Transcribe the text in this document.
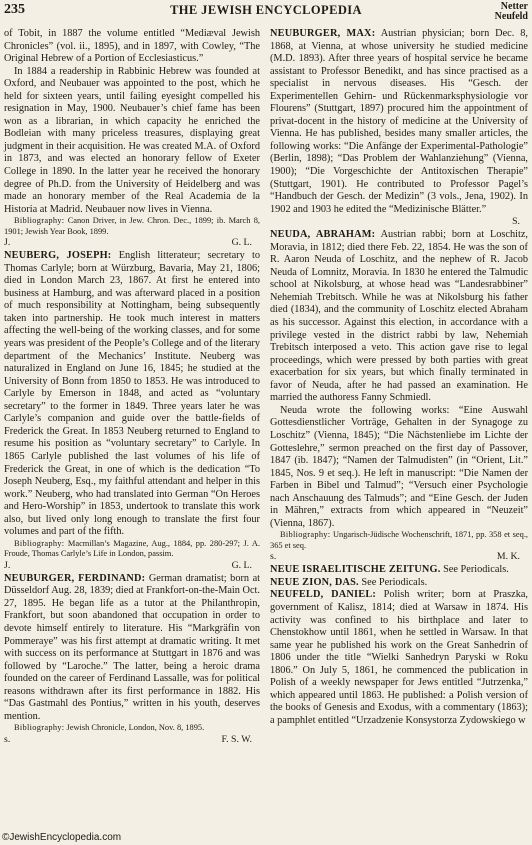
235	THE JEWISH ENCYCLOPEDIA	Netter
Neufeld

of Tobit, in 1887 the volume entitled “Mediæval Jewish Chronicles” (vol. ii., 1895), and in 1897, with Cowley, “The Original Hebrew of a Portion of Ecclesiasticus.”

In 1884 a readership in Rabbinic Hebrew was founded at Oxford, and Neubauer was appointed to the post, which he held for sixteen years, until failing eyesight compelled his resignation in May, 1900. Neubauer’s chief fame has been won as a librarian, in which capacity he enriched the Bodleian with many priceless treasures, displaying great judgment in their acquisition. He was created M.A. of Oxford in 1873, and was elected an honorary fellow of Exeter College in 1890. In the latter year he received the honorary degree of Ph.D. from the University of Heidelberg and was made an honorary member of the Real Academia de la Historia at Madrid. Neubauer now lives in Vienna.

Bibliography: Canon Driver, in Jew. Chron. Dec., 1899; ib. March 8, 1901; Jewish Year Book, 1899.

J.	G. L.

NEUBERG, JOSEPH: English litterateur; secretary to Thomas Carlyle; born at Würzburg, Bavaria, May 21, 1806; died in London March 23, 1867. At first he entered into business at Hamburg, and was afterward placed in a position of much responsibility at Nottingham, being subsequently taken into partnership. He took much interest in matters affecting the well-being of the working classes, and for some years was president of the People’s College and of the literary department of the Mechanics’ Institute. Neuberg was naturalized in England on June 16, 1845; he studied at the University of Bonn from 1850 to 1853. He was introduced to Carlyle by Emerson in 1848, and acted as “voluntary secretary” to the former in 1849. Three years later he was Carlyle’s companion and guide over the battle-fields of Frederick the Great. In 1853 Neuberg returned to England to resume his position as “voluntary secretary” to Carlyle. In 1865 Carlyle published the last volumes of his life of Frederick the Great, in one of which is the dedication “To Joseph Neuberg, Esq., my faithful attendant and helper in this work.” Neuberg, who had translated into German “On Heroes and Hero-Worship” in 1853, undertook to translate this work also, but lived only long enough to translate the first four volumes and part of the fifth.

Bibliography: Macmillan’s Magazine, Aug., 1884, pp. 280-297; J. A. Froude, Thomas Carlyle’s Life in London, passim.

J.	G. L.

NEUBURGER, FERDINAND: German dramatist; born at Düsseldorf Aug. 28, 1839; died at Frankfort-on-the-Main Oct. 27, 1895. He began life as a tutor at the Philanthropin, Frankfort, but soon abandoned that occupation in order to devote himself entirely to literature. His “Markgräfin von Pommeraye” was his first attempt at dramatic writing. It met with success on its performance at Stuttgart in 1876 and was followed by “Laroche.” The latter, being a heroic drama founded on the career of Ferdinand Lassalle, was for political reasons withdrawn after its first performance in 1882. His “Das Gastmahl des Pontius,” written in his youth, deserves mention.

Bibliography: Jewish Chronicle, London, Nov. 8, 1895.

s.	F. S. W.

NEUBURGER, MAX: Austrian physician; born Dec. 8, 1868, at Vienna, at whose university he studied medicine (M.D. 1893). After three years of hospital service he became assistant to Professor Benedikt, and has since practised as a specialist in nervous diseases. His “Gesch. der Experimentellen Gehirn- und Rückenmarksphysiologie vor Flourens” (Stuttgart, 1897) procured him the appointment of privat-docent in the history of medicine at the University of Vienna. He has published, besides many smaller articles, the following works: “Die Anfänge der Experimental-Pathologie” (Berlin, 1898); “Das Problem der Wahlanziehung” (Vienna, 1900); “Die Vorgeschichte der Antitoxischen Therapie” (Stuttgart, 1901). He contributed to Professor Pagel’s “Handbuch der Gesch. der Medizin” (3 vols., Jena, 1902). In 1902 and 1903 he edited the “Medizinische Blätter.”

S.

NEUDA, ABRAHAM: Austrian rabbi; born at Loschitz, Moravia, in 1812; died there Feb. 22, 1854. He was the son of R. Aaron Neuda of Loschitz, and the nephew of R. Jacob Neuda of Lomnitz, Moravia. In 1830 he entered the Talmudic school at Nikolsburg, at whose head was “Landesrabbiner” Nehemiah Trebitsch. While he was at Nikolsburg his father died (1834), and the community of Loschitz elected Abraham as his successor. Against this election, in accordance with a privilege vested in the district rabbi by law, Nehemiah Trebitsch interposed a veto. This action gave rise to legal proceedings, which were pressed by both parties with great exacerbation for six years, but which finally terminated in favor of Neuda, after he had passed an examination. He married the authoress Fanny Schmiedl.

Neuda wrote the following works: “Eine Auswahl Gottesdienstlicher Vorträge, Gehalten in der Synagoge zu Loschitz” (Vienna, 1845); “Die Nächstenliebe im Lichte der Gotteslehre,” sermon preached on the first day of Passover, 1847 (ib. 1847); “Namen der Talmudisten” (in “Orient, Lit.” 1845, Nos. 9 et seq.). He left in manuscript: “Die Namen der Farben in Bibel und Talmud”; “Versuch einer Psychologie nach Anschauung des Talmuds”; and “Eine Gesch. der Juden in Mähren,” extracts from which appeared in “Neuzeit” (Vienna, 1867).

Bibliography: Ungarisch-Jüdische Wochenschrift, 1871, pp. 358 et seq., 365 et seq.

s.	M. K.

NEUE ISRAELITISCHE ZEITUNG. See Periodicals.

NEUE ZION, DAS. See Periodicals.

NEUFELD, DANIEL: Polish writer; born at Praszka, government of Kalisz, 1814; died at Warsaw in 1874. His activity was confined to his birthplace and later to Chenstokhow until 1861, when he settled in Warsaw. In that same year he published his work on the Great Sanhedrin of 1806 under the title “Wielki Sanhedryn Paryski w Roku 1806.” On July 5, 1861, he commenced the publication in Polish of a weekly newspaper for Jews entitled “Jutrzenka,” which appeared until 1863. He published: a Polish version of the books of Genesis and Exodus, with a commentary (1863); a pamphlet entitled “Urzadzenie Konsystorza Zydowskiego w

©JewishEncyclopedia.com
